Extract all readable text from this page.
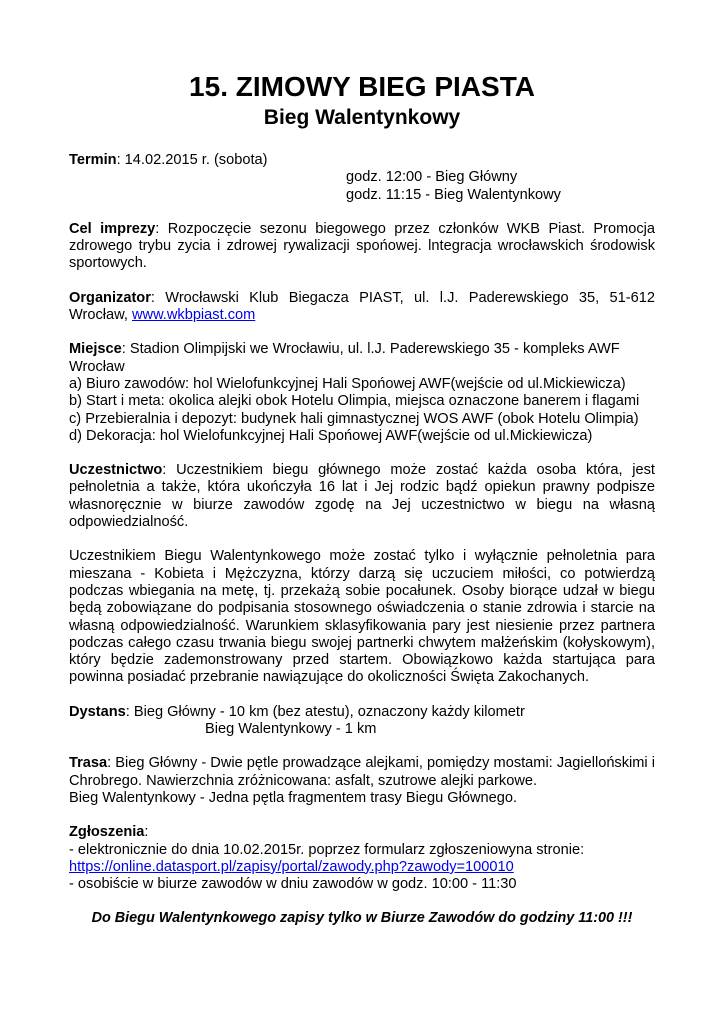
15. ZIMOWY BIEG PIASTA
Bieg Walentynkowy

Termin: 14.02.2015 r. (sobota)

godz. 12:00 - Bieg Główny

godz. 11:15 - Bieg Walentynkowy

Cel imprezy: Rozpoczęcie sezonu biegowego przez członków WKB Piast. Promocja zdrowego trybu zycia i zdrowej rywalizacji spońowej. lntegracja wrocławskich środowisk sportowych.

Organizator: Wrocławski Klub Biegacza PIAST, ul. l.J. Paderewskiego 35, 51-612 Wrocław, www.wkbpiast.com

Miejsce: Stadion Olimpijski we Wrocławiu, ul. l.J. Paderewskiego 35 - kompleks AWF Wrocław

a) Biuro zawodów: hol Wielofunkcyjnej Hali Spońowej AWF(wejście od ul.Mickiewicza)

b) Start i meta: okolica alejki obok Hotelu Olimpia, miejsca oznaczone banerem i flagami

c) Przebieralnia i depozyt: budynek hali gimnastycznej WOS AWF (obok Hotelu Olimpia)

d) Dekoracja: hol Wielofunkcyjnej Hali Spońowej AWF(wejście od ul.Mickiewicza)

Uczestnictwo: Uczestnikiem biegu głównego może zostać każda osoba która, jest pełnoletnia a także, która ukończyła 16 lat i Jej rodzic bądź opiekun prawny podpisze własnoręcznie w biurze zawodów zgodę na Jej uczestnictwo w biegu na własną odpowiedzialność.

Uczestnikiem Biegu Walentynkowego może zostać tylko i wyłącznie pełnoletnia para mieszana - Kobieta i Mężczyzna, którzy darzą się uczuciem miłości, co potwierdzą podczas wbiegania na metę, tj. przekażą sobie pocałunek. Osoby biorące udzał w biegu będą zobowiązane do podpisania stosownego oświadczenia o stanie zdrowia i starcie na własną odpowiedzialność. Warunkiem sklasyfikowania pary jest niesienie przez partnera podczas całego czasu trwania biegu swojej partnerki chwytem małżeńskim (kołyskowym), który będzie zademonstrowany przed startem. Obowiązkowo każda startująca para powinna posiadać przebranie nawiązujące do okoliczności Święta Zakochanych.

Dystans: Bieg Główny - 10 km (bez atestu), oznaczony każdy kilometr

Bieg Walentynkowy - 1 km

Trasa: Bieg Główny - Dwie pętle prowadzące alejkami, pomiędzy mostami: Jagiellońskimi i Chrobrego. Nawierzchnia zróżnicowana: asfalt, szutrowe alejki parkowe.

Bieg Walentynkowy - Jedna pętla fragmentem trasy Biegu Głównego.

Zgłoszenia:

- elektronicznie do dnia 10.02.2015r. poprzez formularz zgłoszeniowyna stronie:

https://online.datasport.pl/zapisy/portal/zawody.php?zawody=100010

- osobiście w biurze zawodów w dniu zawodów w godz. 10:00 - 11:30

Do Biegu Walentynkowego zapisy tylko w Biurze Zawodów do godziny 11:00 !!!
